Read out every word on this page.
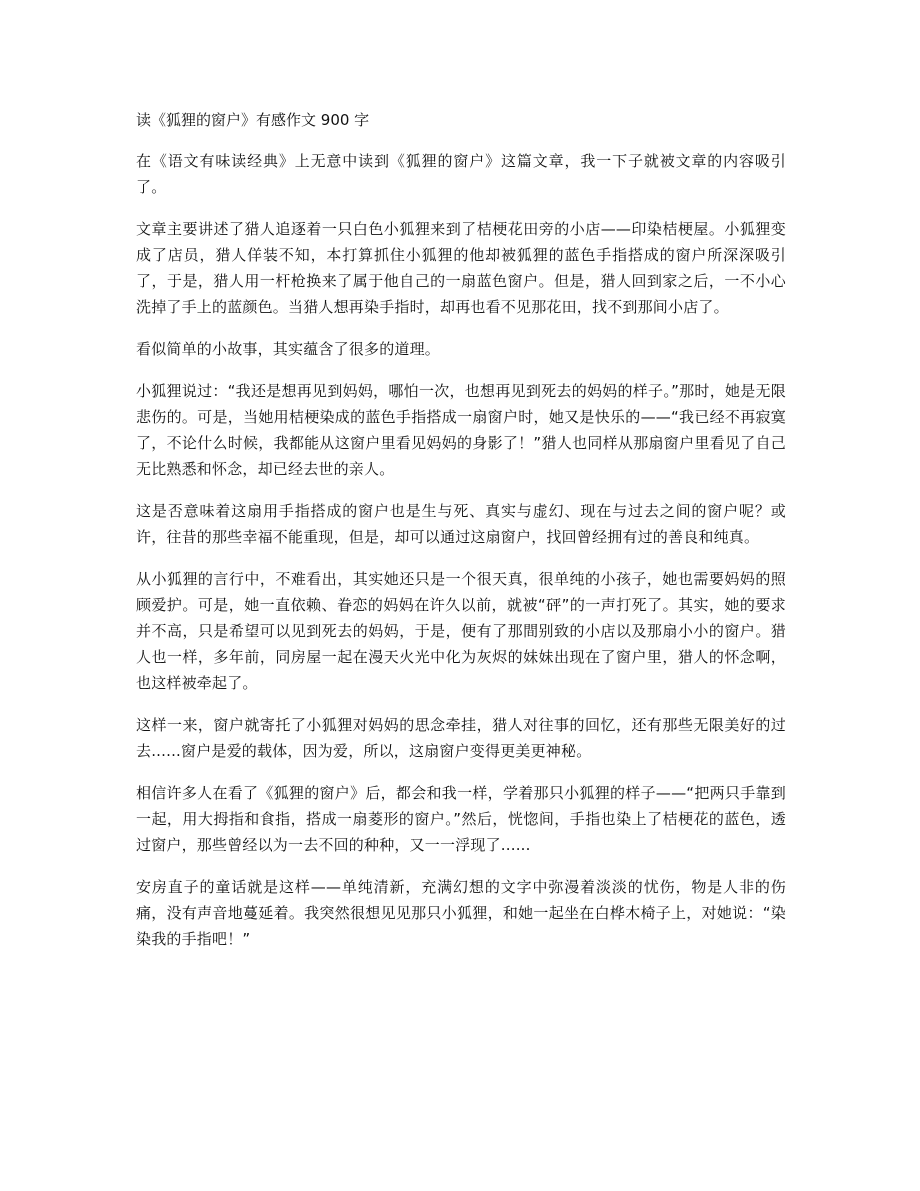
读《狐狸的窗户》有感作文 900 字

在《语文有味读经典》上无意中读到《狐狸的窗户》这篇文章，我一下子就被文章的内容吸引了。

文章主要讲述了猎人追逐着一只白色小狐狸来到了桔梗花田旁的小店——印染桔梗屋。小狐狸变成了店员，猎人佯装不知，本打算抓住小狐狸的他却被狐狸的蓝色手指搭成的窗户所深深吸引了，于是，猎人用一杆枪换来了属于他自己的一扇蓝色窗户。但是，猎人回到家之后，一不小心洗掉了手上的蓝颜色。当猎人想再染手指时，却再也看不见那花田，找不到那间小店了。

看似简单的小故事，其实蕴含了很多的道理。

小狐狸说过：“我还是想再见到妈妈，哪怕一次，也想再见到死去的妈妈的样子。”那时，她是无限悲伤的。可是，当她用桔梗染成的蓝色手指搭成一扇窗户时，她又是快乐的——“我已经不再寂寞了，不论什么时候，我都能从这窗户里看见妈妈的身影了！”猎人也同样从那扇窗户里看见了自己无比熟悉和怀念，却已经去世的亲人。

这是否意味着这扇用手指搭成的窗户也是生与死、真实与虚幻、现在与过去之间的窗户呢？或许，往昔的那些幸福不能重现，但是，却可以通过这扇窗户，找回曾经拥有过的善良和纯真。

从小狐狸的言行中，不难看出，其实她还只是一个很天真，很单纯的小孩子，她也需要妈妈的照顾爱护。可是，她一直依赖、眷恋的妈妈在许久以前，就被“砰”的一声打死了。其实，她的要求并不高，只是希望可以见到死去的妈妈，于是，便有了那間别致的小店以及那扇小小的窗户。猎人也一样，多年前，同房屋一起在漫天火光中化为灰烬的妹妹出现在了窗户里，猎人的怀念啊，也这样被牵起了。

这样一来，窗户就寄托了小狐狸对妈妈的思念牵挂，猎人对往事的回忆，还有那些无限美好的过去......窗户是爱的载体，因为爱，所以，这扇窗户变得更美更神秘。

相信许多人在看了《狐狸的窗户》后，都会和我一样，学着那只小狐狸的样子——“把两只手靠到一起，用大拇指和食指，搭成一扇菱形的窗户。”然后，恍惚间，手指也染上了桔梗花的蓝色，透过窗户，那些曾经以为一去不回的种种，又一一浮现了......

安房直子的童话就是这样——单纯清新，充满幻想的文字中弥漫着淡淡的忧伤，物是人非的伤痛，没有声音地蔓延着。我突然很想见见那只小狐狸，和她一起坐在白桦木椅子上，对她说：“染染我的手指吧！”
